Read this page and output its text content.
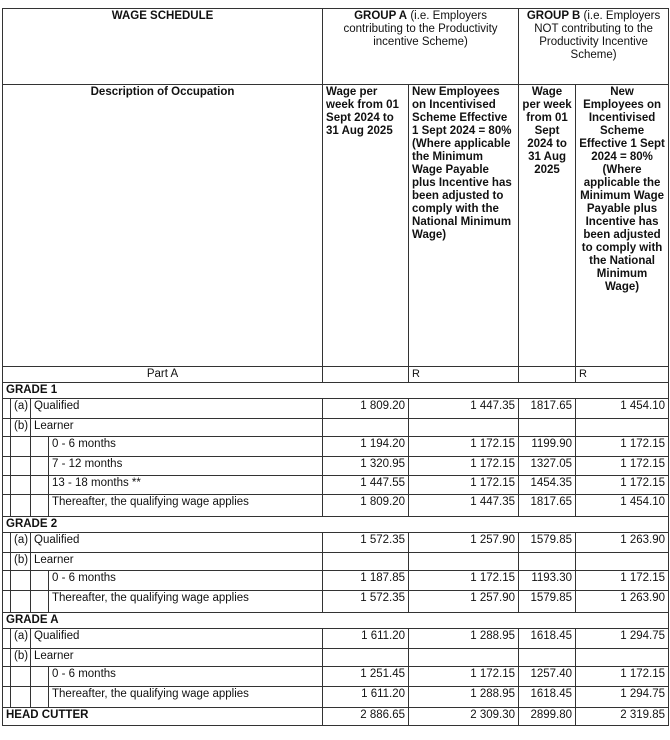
WAGE SCHEDULE				GROUP A (i.e. Employers contributing to the Productivity incentive Scheme)		GROUP B (i.e. Employers NOT contributing to the Productivity Incentive Scheme)	
Description of Occupation				Wage per week from 01 Sept 2024 to 31 Aug 2025	New Employees on Incentivised Scheme Effective 1 Sept 2024 = 80% (Where applicable the Minimum Wage Payable plus Incentive has been adjusted to comply with the National Minimum Wage)	Wage per week from 01 Sept 2024 to 31 Aug 2025	New Employees on Incentivised Scheme Effective 1 Sept 2024 = 80% (Where applicable the Minimum Wage Payable plus Incentive has been adjusted to comply with the National Minimum Wage)
Part A					R		R
GRADE 1							
	(a)	Qualified		1 809.20	1 447.35	1817.65	1 454.10
	(b)	Learner					
			0 - 6 months	1 194.20	1 172.15	1199.90	1 172.15
			7 - 12 months	1 320.95	1 172.15	1327.05	1 172.15
			13 - 18 months **	1 447.55	1 172.15	1454.35	1 172.15
			Thereafter, the qualifying wage applies	1 809.20	1 447.35	1817.65	1 454.10
GRADE 2							
	(a)	Qualified		1 572.35	1 257.90	1579.85	1 263.90
	(b)	Learner					
			0 - 6 months	1 187.85	1 172.15	1193.30	1 172.15
			Thereafter, the qualifying wage applies	1 572.35	1 257.90	1579.85	1 263.90
GRADE A							
	(a)	Qualified		1 611.20	1 288.95	1618.45	1 294.75
	(b)	Learner					
			0 - 6 months	1 251.45	1 172.15	1257.40	1 172.15
			Thereafter, the qualifying wage applies	1 611.20	1 288.95	1618.45	1 294.75
HEAD CUTTER				2 886.65	2 309.30	2899.80	2 319.85
